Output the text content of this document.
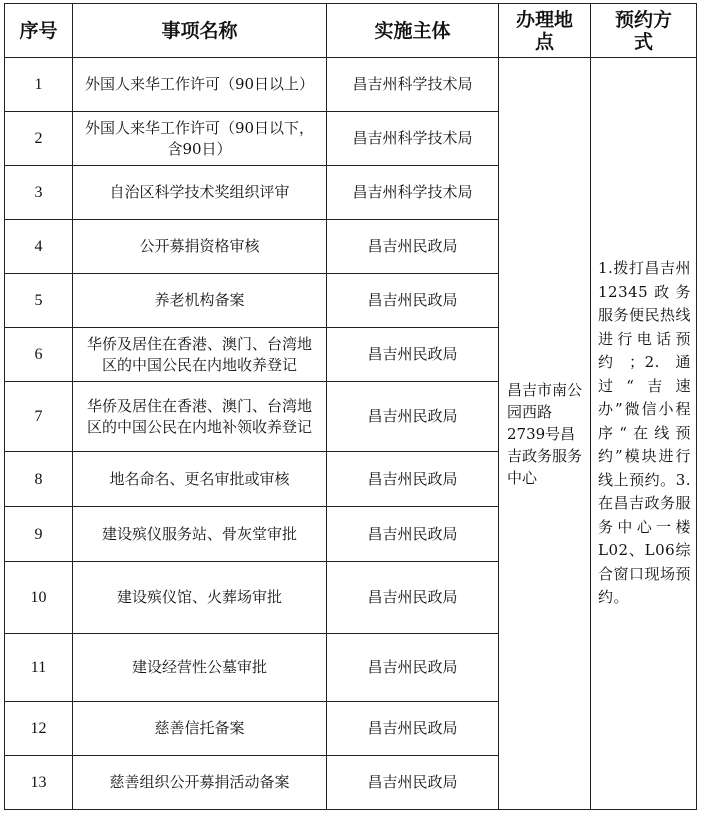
序号	事项名称	实施主体	办理地点	预约方式
1	外国人来华工作许可（90日以上）	昌吉州科学技术局	昌吉市南公园西路2739号昌吉政务服务中心	1.拨打昌吉州12345政务服务便民热线进行电话预约；2.通过“吉速办”微信小程序“在线预约”模块进行线上预约。3.在昌吉政务服务中心一楼L02、L06综合窗口现场预约。
2	外国人来华工作许可（90日以下，含90日）	昌吉州科学技术局		
3	自治区科学技术奖组织评审	昌吉州科学技术局		
4	公开募捐资格审核	昌吉州民政局		
5	养老机构备案	昌吉州民政局		
6	华侨及居住在香港、澳门、台湾地区的中国公民在内地收养登记	昌吉州民政局		
7	华侨及居住在香港、澳门、台湾地区的中国公民在内地补领收养登记	昌吉州民政局		
8	地名命名、更名审批或审核	昌吉州民政局		
9	建设殡仪服务站、骨灰堂审批	昌吉州民政局		
10	建设殡仪馆、火葬场审批	昌吉州民政局		
11	建设经营性公墓审批	昌吉州民政局		
12	慈善信托备案	昌吉州民政局		
13	慈善组织公开募捐活动备案	昌吉州民政局		
